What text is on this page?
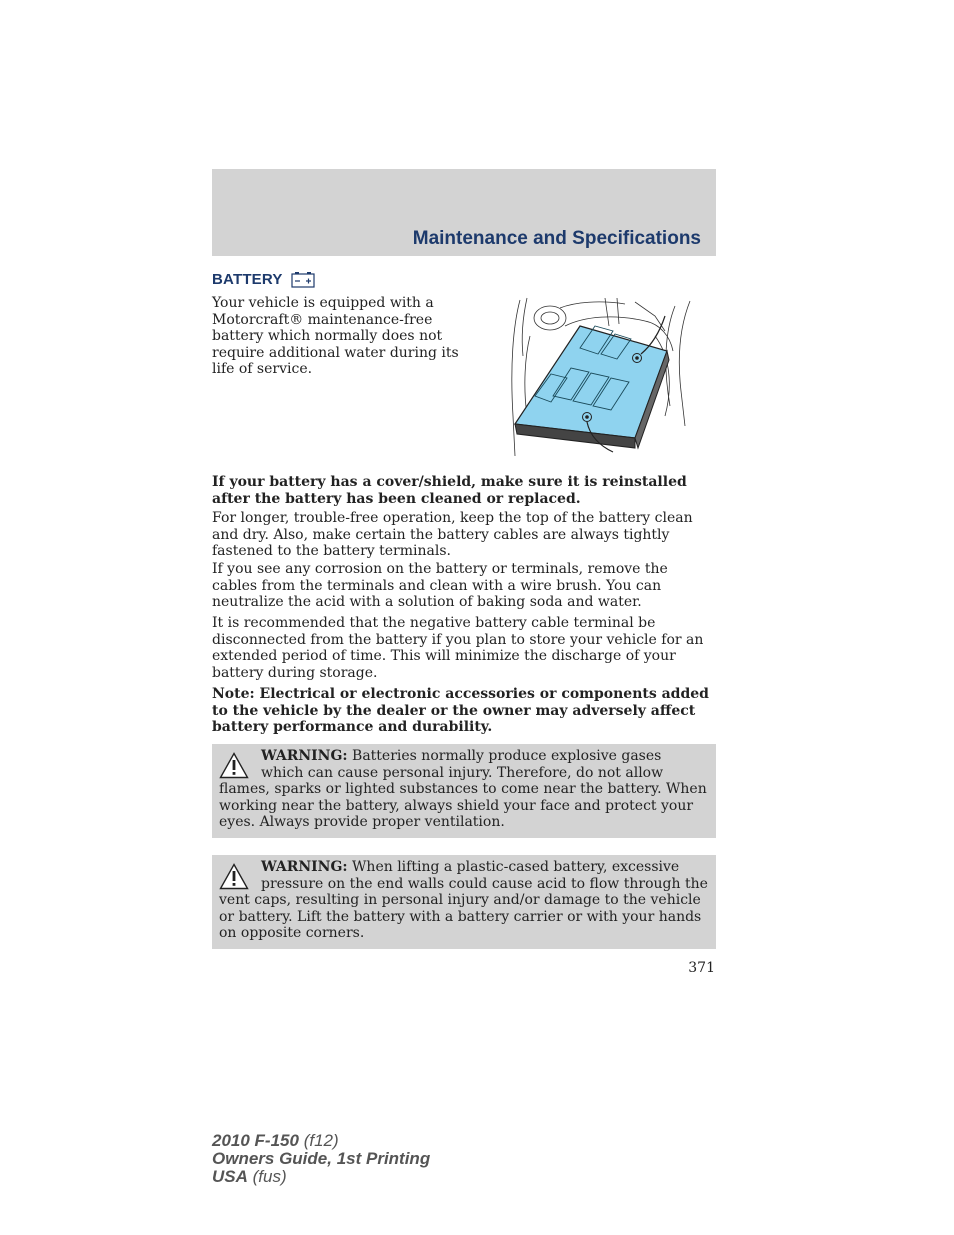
Maintenance and Specifications
BATTERY

Your vehicle is equipped with a Motorcraft® maintenance-free battery which normally does not require additional water during its life of service.

If your battery has a cover/shield, make sure it is reinstalled after the battery has been cleaned or replaced.

For longer, trouble-free operation, keep the top of the battery clean and dry. Also, make certain the battery cables are always tightly fastened to the battery terminals.

If you see any corrosion on the battery or terminals, remove the cables from the terminals and clean with a wire brush. You can neutralize the acid with a solution of baking soda and water.

It is recommended that the negative battery cable terminal be disconnected from the battery if you plan to store your vehicle for an extended period of time. This will minimize the discharge of your battery during storage.

Note: Electrical or electronic accessories or components added to the vehicle by the dealer or the owner may adversely affect battery performance and durability.

WARNING: Batteries normally produce explosive gases which can cause personal injury. Therefore, do not allow flames, sparks or lighted substances to come near the battery. When working near the battery, always shield your face and protect your eyes. Always provide proper ventilation.
WARNING: When lifting a plastic-cased battery, excessive pressure on the end walls could cause acid to flow through the vent caps, resulting in personal injury and/or damage to the vehicle or battery. Lift the battery with a battery carrier or with your hands on opposite corners.
371
2010 F-150 (f12)
Owners Guide, 1st Printing
USA (fus)
